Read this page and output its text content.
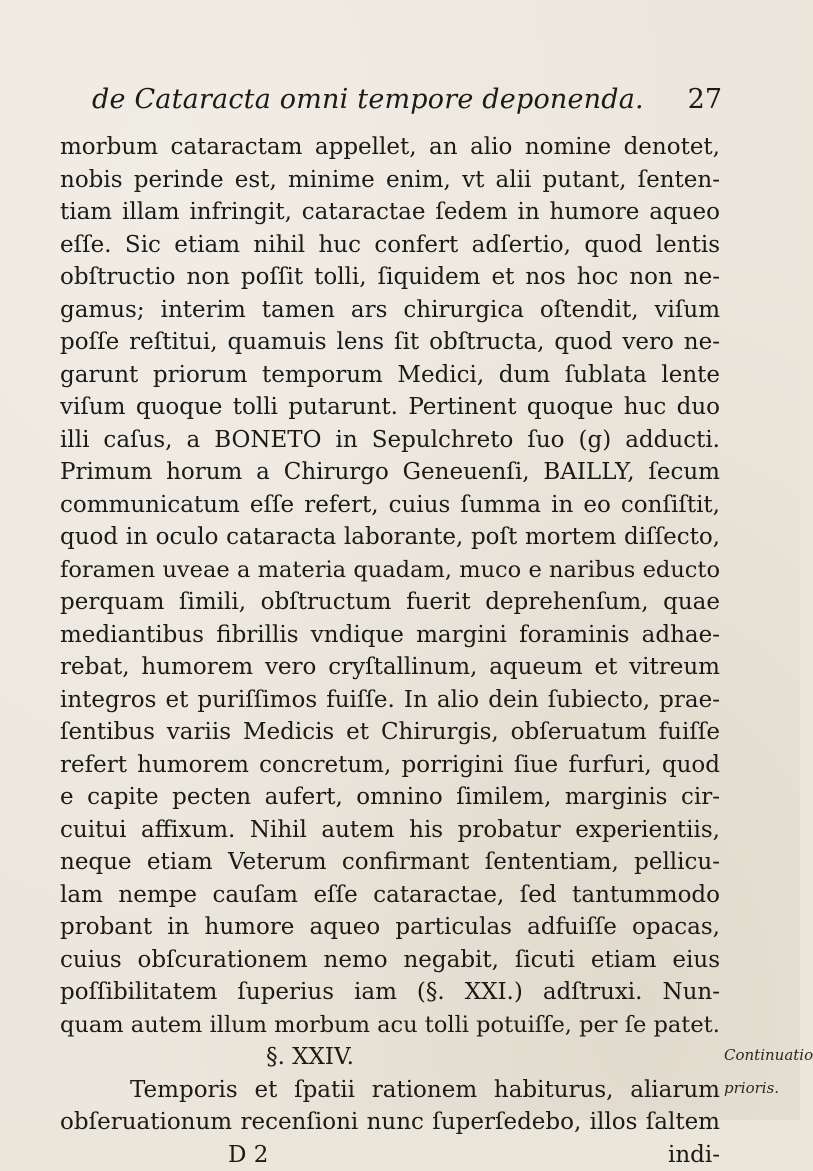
de Cataracta omni tempore deponenda. 27
morbum cataractam appellet, an alio nomine denotet,
nobis perinde est, minime enim, vt alii putant, ſenten-
tiam illam infringit, cataractae ſedem in humore aqueo
eſſe. Sic etiam nihil huc confert adſertio, quod lentis
obſtructio non poſſit tolli, ſiquidem et nos hoc non ne-
gamus; interim tamen ars chirurgica oſtendit, viſum
poſſe reſtitui, quamuis lens ſit obſtructa, quod vero ne-
garunt priorum temporum Medici, dum ſublata lente
viſum quoque tolli putarunt. Pertinent quoque huc duo
illi caſus, a BONETO in Sepulchreto ſuo (g) adducti.
Primum horum a Chirurgo Geneuenſi, BAILLY, ſecum
communicatum eſſe refert, cuius ſumma in eo conſiſtit,
quod in oculo cataracta laborante, poſt mortem diſſecto,
foramen uveae a materia quadam, muco e naribus educto
perquam ſimili, obſtructum fuerit deprehenſum, quae
mediantibus fibrillis vndique margini foraminis adhae-
rebat, humorem vero cryſtallinum, aqueum et vitreum
integros et puriſſimos fuiſſe. In alio dein ſubiecto, prae-
ſentibus variis Medicis et Chirurgis, obſeruatum fuiſſe
refert humorem concretum, porrigini ſiue furfuri, quod
e capite pecten aufert, omnino ſimilem, marginis cir-
cuitui affixum. Nihil autem his probatur experientiis,
neque etiam Veterum confirmant ſententiam, pellicu-
lam nempe cauſam eſſe cataractae, ſed tantummodo
probant in humore aqueo particulas adfuiſſe opacas,
cuius obſcurationem nemo negabit, ſicuti etiam eius
poſſibilitatem ſuperius iam (§. XXI.) adſtruxi. Nun-
quam autem illum morbum acu tolli potuiſſe, per ſe patet.
§. XXIV.
Temporis et ſpatii rationem habiturus, aliarum
obſeruationum recenſioni nunc ſuperſedebo, illos ſaltem
D 2	indi-
Continuatio
prioris.
